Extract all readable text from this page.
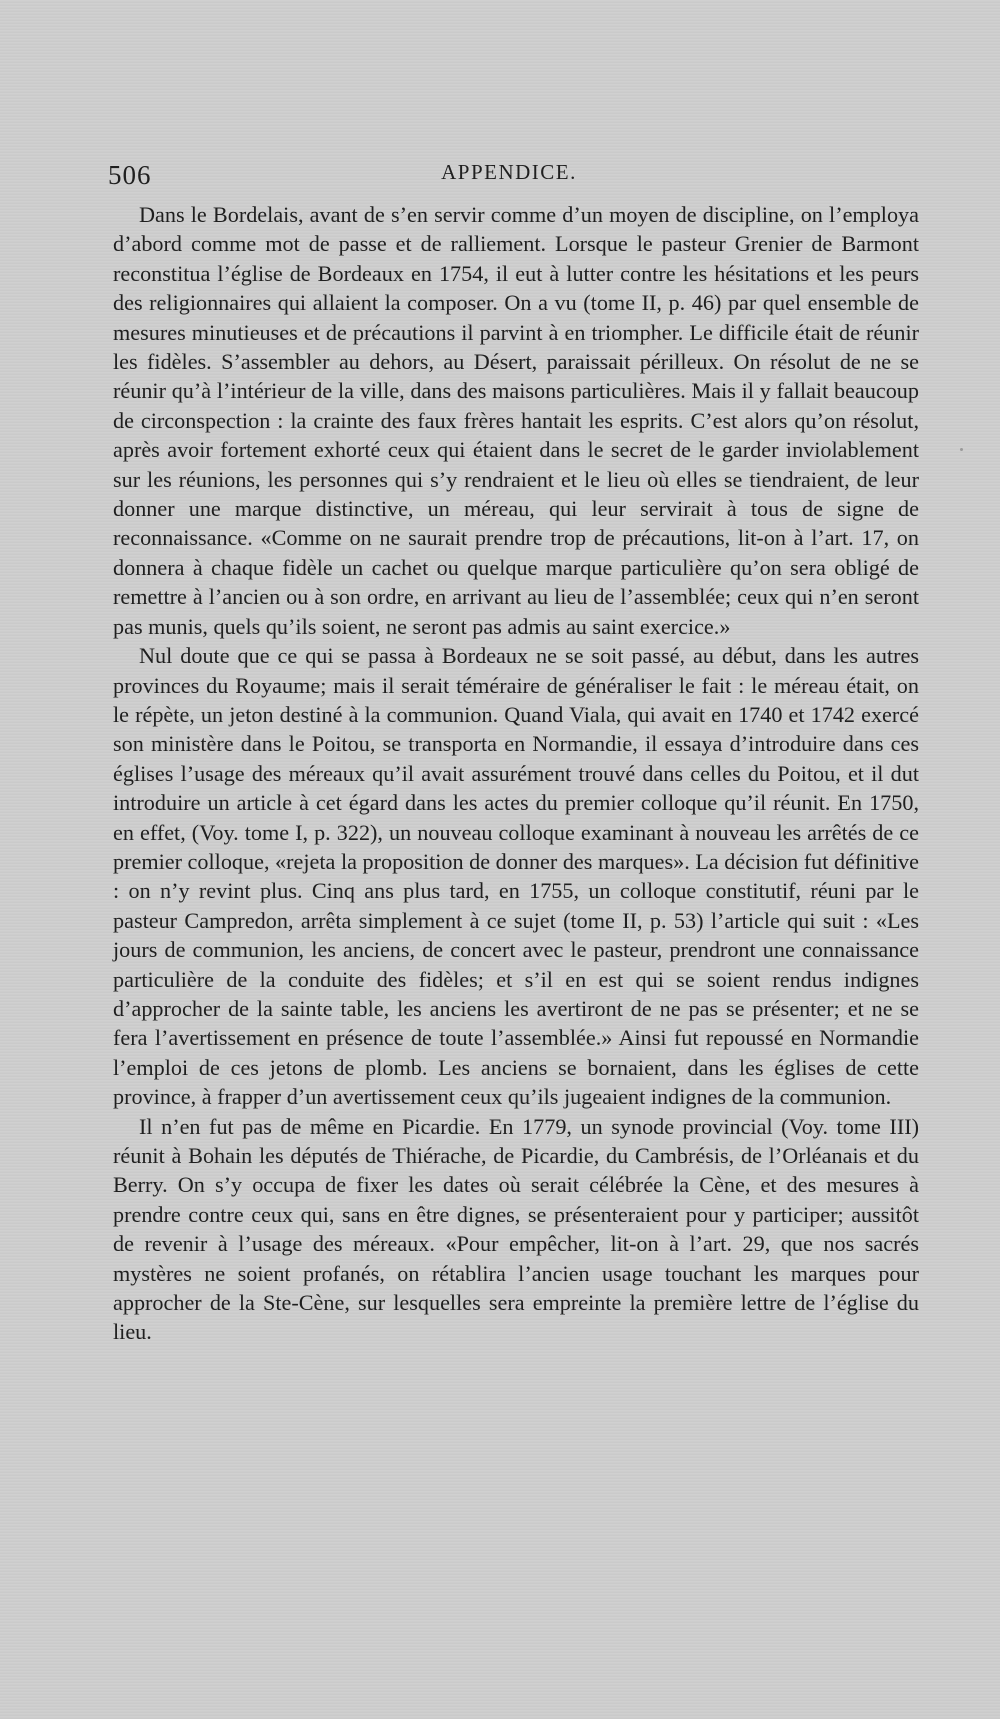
506	APPENDICE.

Dans le Bordelais, avant de s’en servir comme d’un moyen de discipline, on l’employa d’abord comme mot de passe et de ralliement. Lorsque le pasteur Grenier de Barmont reconstitua l’église de Bordeaux en 1754, il eut à lutter contre les hésitations et les peurs des religionnaires qui allaient la composer. On a vu (tome II, p. 46) par quel ensemble de mesures minutieuses et de précautions il parvint à en triompher. Le difficile était de réunir les fidèles. S’assembler au dehors, au Désert, paraissait périlleux. On résolut de ne se réunir qu’à l’intérieur de la ville, dans des maisons particulières. Mais il y fallait beaucoup de circonspection : la crainte des faux frères hantait les esprits. C’est alors qu’on résolut, après avoir fortement exhorté ceux qui étaient dans le secret de le garder inviolablement sur les réunions, les personnes qui s’y rendraient et le lieu où elles se tiendraient, de leur donner une marque distinctive, un méreau, qui leur servirait à tous de signe de reconnaissance. «Comme on ne saurait prendre trop de précautions, lit-on à l’art. 17, on donnera à chaque fidèle un cachet ou quelque marque particulière qu’on sera obligé de remettre à l’ancien ou à son ordre, en arrivant au lieu de l’assemblée; ceux qui n’en seront pas munis, quels qu’ils soient, ne seront pas admis au saint exercice.»

Nul doute que ce qui se passa à Bordeaux ne se soit passé, au début, dans les autres provinces du Royaume; mais il serait téméraire de généraliser le fait : le méreau était, on le répète, un jeton destiné à la communion. Quand Viala, qui avait en 1740 et 1742 exercé son ministère dans le Poitou, se transporta en Normandie, il essaya d’introduire dans ces églises l’usage des méreaux qu’il avait assurément trouvé dans celles du Poitou, et il dut introduire un article à cet égard dans les actes du premier colloque qu’il réunit. En 1750, en effet, (Voy. tome I, p. 322), un nouveau colloque examinant à nouveau les arrêtés de ce premier colloque, «rejeta la proposition de donner des marques». La décision fut définitive : on n’y revint plus. Cinq ans plus tard, en 1755, un colloque constitutif, réuni par le pasteur Campredon, arrêta simplement à ce sujet (tome II, p. 53) l’article qui suit : «Les jours de communion, les anciens, de concert avec le pasteur, prendront une connaissance particulière de la conduite des fidèles; et s’il en est qui se soient rendus indignes d’approcher de la sainte table, les anciens les avertiront de ne pas se présenter; et ne se fera l’avertissement en présence de toute l’assemblée.» Ainsi fut repoussé en Normandie l’emploi de ces jetons de plomb. Les anciens se bornaient, dans les églises de cette province, à frapper d’un avertissement ceux qu’ils jugeaient indignes de la communion.

Il n’en fut pas de même en Picardie. En 1779, un synode provincial (Voy. tome III) réunit à Bohain les députés de Thiérache, de Picardie, du Cambrésis, de l’Orléanais et du Berry. On s’y occupa de fixer les dates où serait célébrée la Cène, et des mesures à prendre contre ceux qui, sans en être dignes, se présenteraient pour y participer; aussitôt de revenir à l’usage des méreaux. «Pour empêcher, lit-on à l’art. 29, que nos sacrés mystères ne soient profanés, on rétablira l’ancien usage touchant les marques pour approcher de la Ste-Cène, sur lesquelles sera empreinte la première lettre de l’église du lieu.
